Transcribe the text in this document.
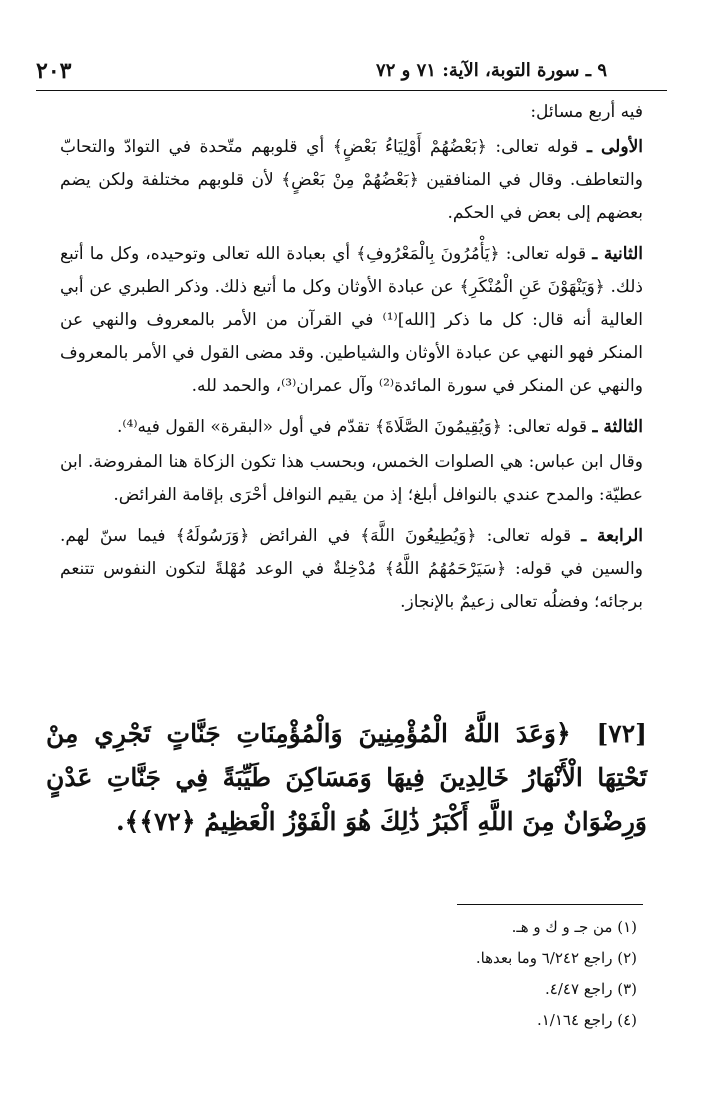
٢٠٣	٩ ـ سورة التوبة، الآية: ٧١ و ٧٢

فيه أربع مسائل:

الأولى ـ قوله تعالى: ﴿بَعْضُهُمْ أَوْلِيَاءُ بَعْضٍ﴾ أي قلوبهم متّحدة في التوادّ والتحابّ والتعاطف. وقال في المنافقين ﴿بَعْضُهُمْ مِنْ بَعْضٍ﴾ لأن قلوبهم مختلفة ولكن يضم بعضهم إلى بعض في الحكم.

الثانية ـ قوله تعالى: ﴿يَأْمُرُونَ بِالْمَعْرُوفِ﴾ أي بعبادة الله تعالى وتوحيده، وكل ما أتبع ذلك. ﴿وَيَنْهَوْنَ عَنِ الْمُنْكَرِ﴾ عن عبادة الأوثان وكل ما أتبع ذلك. وذكر الطبري عن أبي العالية أنه قال: كل ما ذكر [الله]⁽¹⁾ في القرآن من الأمر بالمعروف والنهي عن المنكر فهو النهي عن عبادة الأوثان والشياطين. وقد مضى القول في الأمر بالمعروف والنهي عن المنكر في سورة المائدة⁽²⁾ وآل عمران⁽³⁾، والحمد لله.

الثالثة ـ قوله تعالى: ﴿وَيُقِيمُونَ الصَّلَاةَ﴾ تقدّم في أول «البقرة» القول فيه⁽⁴⁾.

وقال ابن عباس: هي الصلوات الخمس، وبحسب هذا تكون الزكاة هنا المفروضة. ابن عطيّة: والمدح عندي بالنوافل أبلغ؛ إذ من يقيم النوافل أحْرَى بإقامة الفرائض.

الرابعة ـ قوله تعالى: ﴿وَيُطِيعُونَ اللَّهَ﴾ في الفرائض ﴿وَرَسُولَهُ﴾ فيما سنّ لهم. والسين في قوله: ﴿سَيَرْحَمُهُمُ اللَّهُ﴾ مُدْخِلةٌ في الوعد مُهْلةً لتكون النفوس تتنعم برجائه؛ وفضلُه تعالى زعيمٌ بالإنجاز.

[٧٢] ﴿وَعَدَ اللَّهُ الْمُؤْمِنِينَ وَالْمُؤْمِنَاتِ جَنَّاتٍ تَجْرِي مِنْ تَحْتِهَا الْأَنْهَارُ خَالِدِينَ فِيهَا وَمَسَاكِنَ طَيِّبَةً فِي جَنَّاتِ عَدْنٍ وَرِضْوَانٌ مِنَ اللَّهِ أَكْبَرُ ذَٰلِكَ هُوَ الْفَوْزُ الْعَظِيمُ ﴿٧٢﴾﴾.
(١) من جـ و ك و هـ.
(٢) راجع ٦/٢٤٢ وما بعدها.
(٣) راجع ٤/٤٧.
(٤) راجع ١/١٦٤.
